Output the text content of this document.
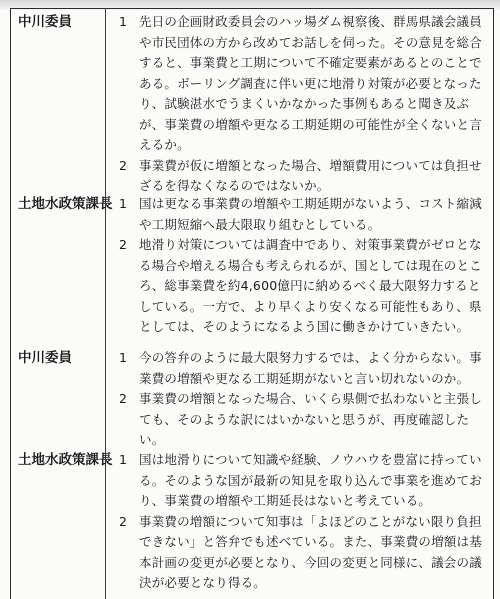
中川委員	1 先日の企画財政委員会のハッ場ダム視察後、群馬県議会議員や市民団体の方から改めてお話しを伺った。その意見を総合すると、事業費と工期について不確定要素があるとのことである。ボーリング調査に伴い更に地滑り対策が必要となったり、試験湛水でうまくいかなかった事例もあると聞き及ぶが、事業費の増額や更なる工期延期の可能性が全くないと言えるか。
2 事業費が仮に増額となった場合、増額費用については負担せざるを得なくなるのではないか。
土地水政策課長 1 国は更なる事業費の増額や工期延期がないよう、コスト縮減や工期短縮へ最大限取り組むとしている。
2 地滑り対策については調査中であり、対策事業費がゼロとなる場合や増える場合も考えられるが、国としては現在のところ、総事業費を約4,600億円に納めるべく最大限努力するとしている。一方で、より早くより安くなる可能性もあり、県としては、そのようになるよう国に働きかけていきたい。
中川委員	1 今の答弁のように最大限努力するでは、よく分からない。事業費の増額や更なる工期延期がないと言い切れないのか。
2 事業費の増額となった場合、いくら県側で払わないと主張しても、そのような訳にはいかないと思うが、再度確認したい。
土地水政策課長 1 国は地滑りについて知識や経験、ノウハウを豊富に持っている。そのような国が最新の知見を取り込んで事業を進めており、事業費の増額や工期延長はないと考えている。
2 事業費の増額について知事は「よほどのことがない限り負担できない」と答弁でも述べている。また、事業費の増額は基本計画の変更が必要となり、今回の変更と同様に、議会の議決が必要となり得る。
